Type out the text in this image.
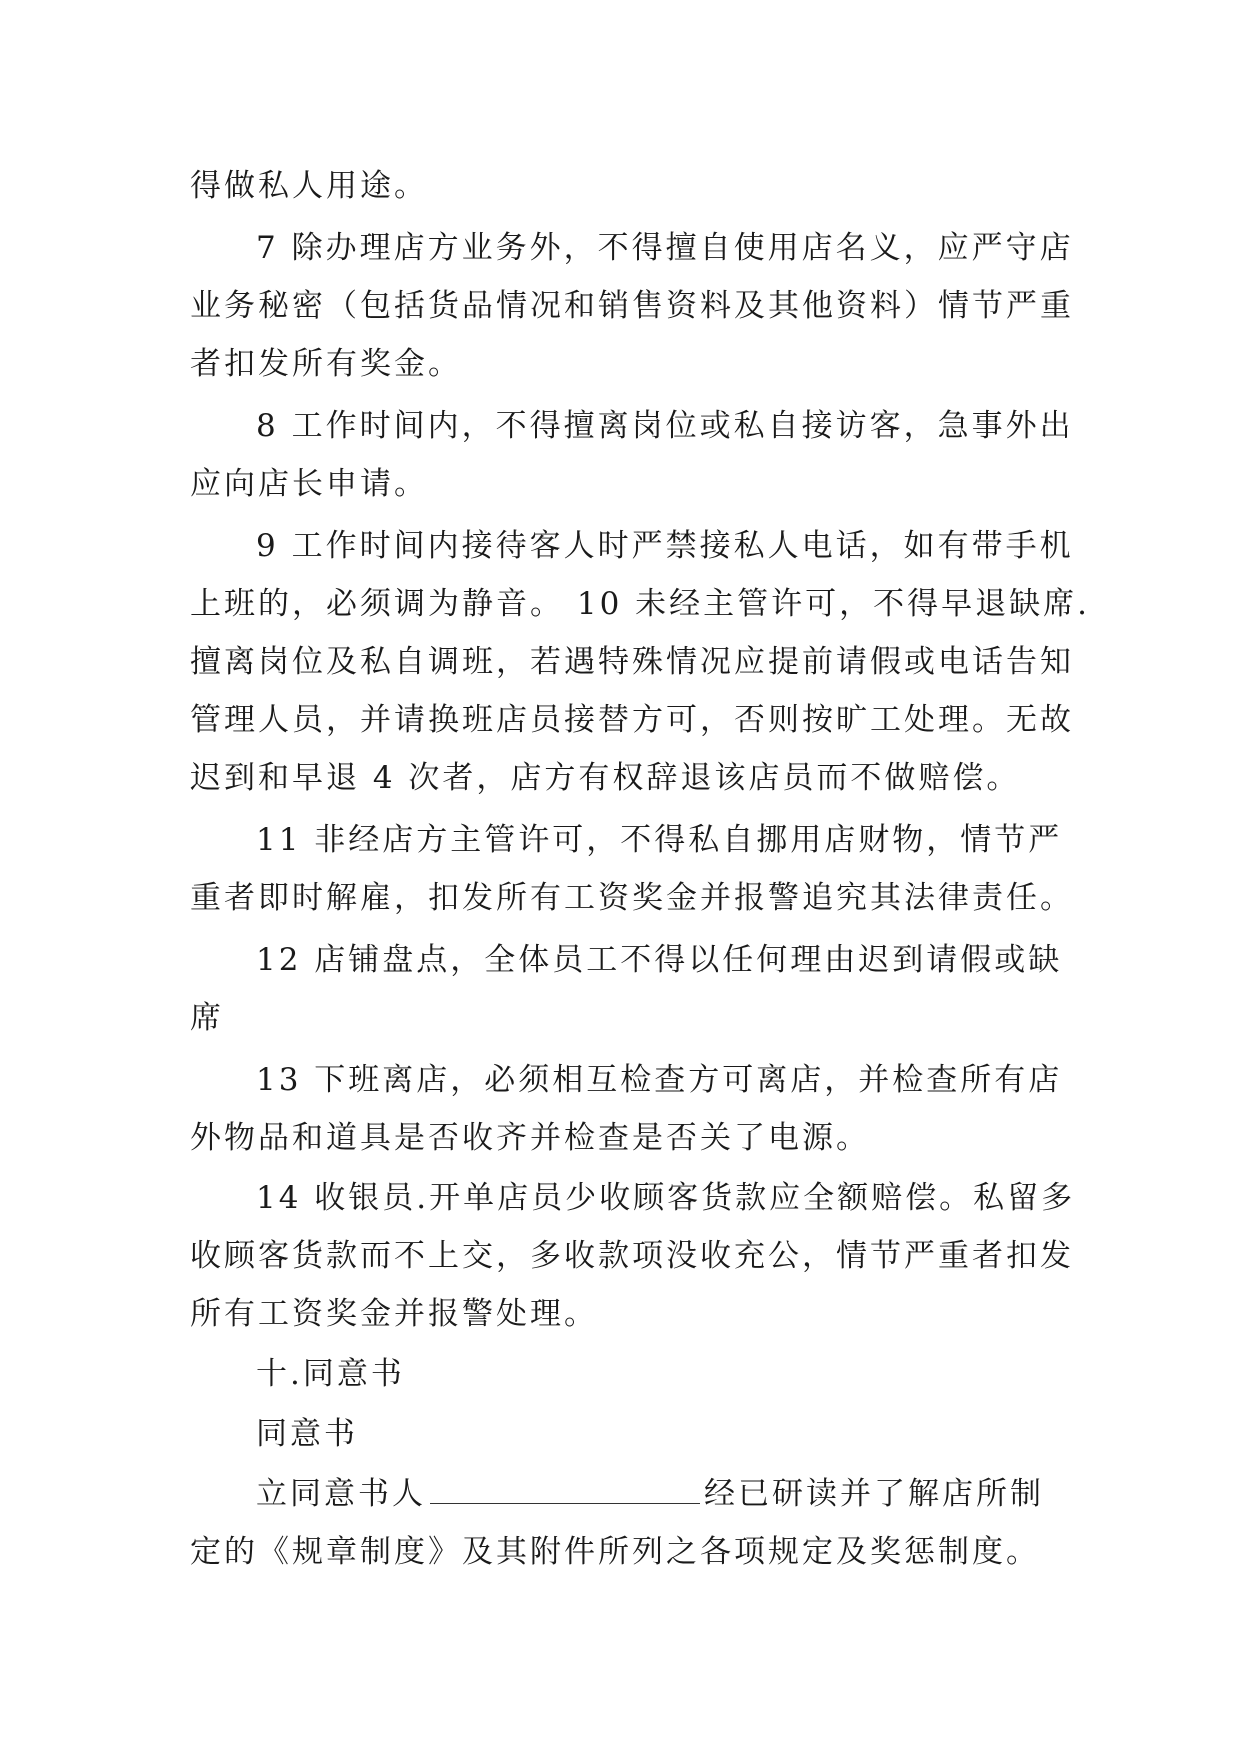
得做私人用途。
7 除办理店方业务外，不得擅自使用店名义，应严守店
业务秘密（包括货品情况和销售资料及其他资料）情节严重
者扣发所有奖金。
8 工作时间内，不得擅离岗位或私自接访客，急事外出
应向店长申请。
9 工作时间内接待客人时严禁接私人电话，如有带手机
上班的，必须调为静音。 10 未经主管许可，不得早退缺席.
擅离岗位及私自调班，若遇特殊情况应提前请假或电话告知
管理人员，并请换班店员接替方可，否则按旷工处理。无故
迟到和早退 4 次者，店方有权辞退该店员而不做赔偿。
11 非经店方主管许可，不得私自挪用店财物，情节严
重者即时解雇，扣发所有工资奖金并报警追究其法律责任。
12 店铺盘点，全体员工不得以任何理由迟到请假或缺
席
13 下班离店，必须相互检查方可离店，并检查所有店
外物品和道具是否收齐并检查是否关了电源。
14 收银员.开单店员少收顾客货款应全额赔偿。私留多
收顾客货款而不上交，多收款项没收充公，情节严重者扣发
所有工资奖金并报警处理。
十.同意书
同意书
立同意书人	经已研读并了解店所制
定的《规章制度》及其附件所列之各项规定及奖惩制度。
